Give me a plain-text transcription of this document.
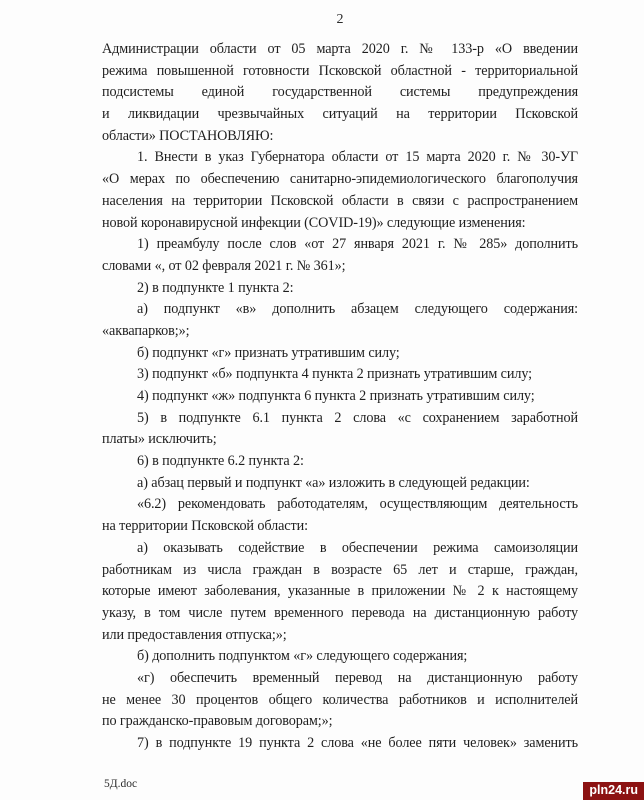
2
Администрации области от 05 марта 2020 г. № 133-р «О введении
режима повышенной готовности Псковской областной - территориальной
подсистемы единой государственной системы предупреждения
и ликвидации чрезвычайных ситуаций на территории Псковской
области» ПОСТАНОВЛЯЮ:
1. Внести в указ Губернатора области от 15 марта 2020 г. № 30-УГ
«О мерах по обеспечению санитарно-эпидемиологического благополучия
населения на территории Псковской области в связи с распространением
новой коронавирусной инфекции (COVID-19)» следующие изменения:
1) преамбулу после слов «от 27 января 2021 г. № 285» дополнить
словами «, от 02 февраля 2021 г. № 361»;
2) в подпункте 1 пункта 2:
а) подпункт «в» дополнить абзацем следующего содержания:
«аквапарков;»;
б) подпункт «г» признать утратившим силу;
3) подпункт «б» подпункта 4 пункта 2 признать утратившим силу;
4) подпункт «ж» подпункта 6 пункта 2 признать утратившим силу;
5) в подпункте 6.1 пункта 2 слова «с сохранением заработной
платы» исключить;
6) в подпункте 6.2 пункта 2:
а) абзац первый и подпункт «а» изложить в следующей редакции:
«6.2) рекомендовать работодателям, осуществляющим деятельность
на территории Псковской области:
а) оказывать содействие в обеспечении режима самоизоляции
работникам из числа граждан в возрасте 65 лет и старше, граждан,
которые имеют заболевания, указанные в приложении № 2 к настоящему
указу, в том числе путем временного перевода на дистанционную работу
или предоставления отпуска;»;
б) дополнить подпунктом «г» следующего содержания;
«г) обеспечить временный перевод на дистанционную работу
не менее 30 процентов общего количества работников и исполнителей
по гражданско-правовым договорам;»;
7) в подпункте 19 пункта 2 слова «не более пяти человек» заменить
5Д.doc	pln24.ru
